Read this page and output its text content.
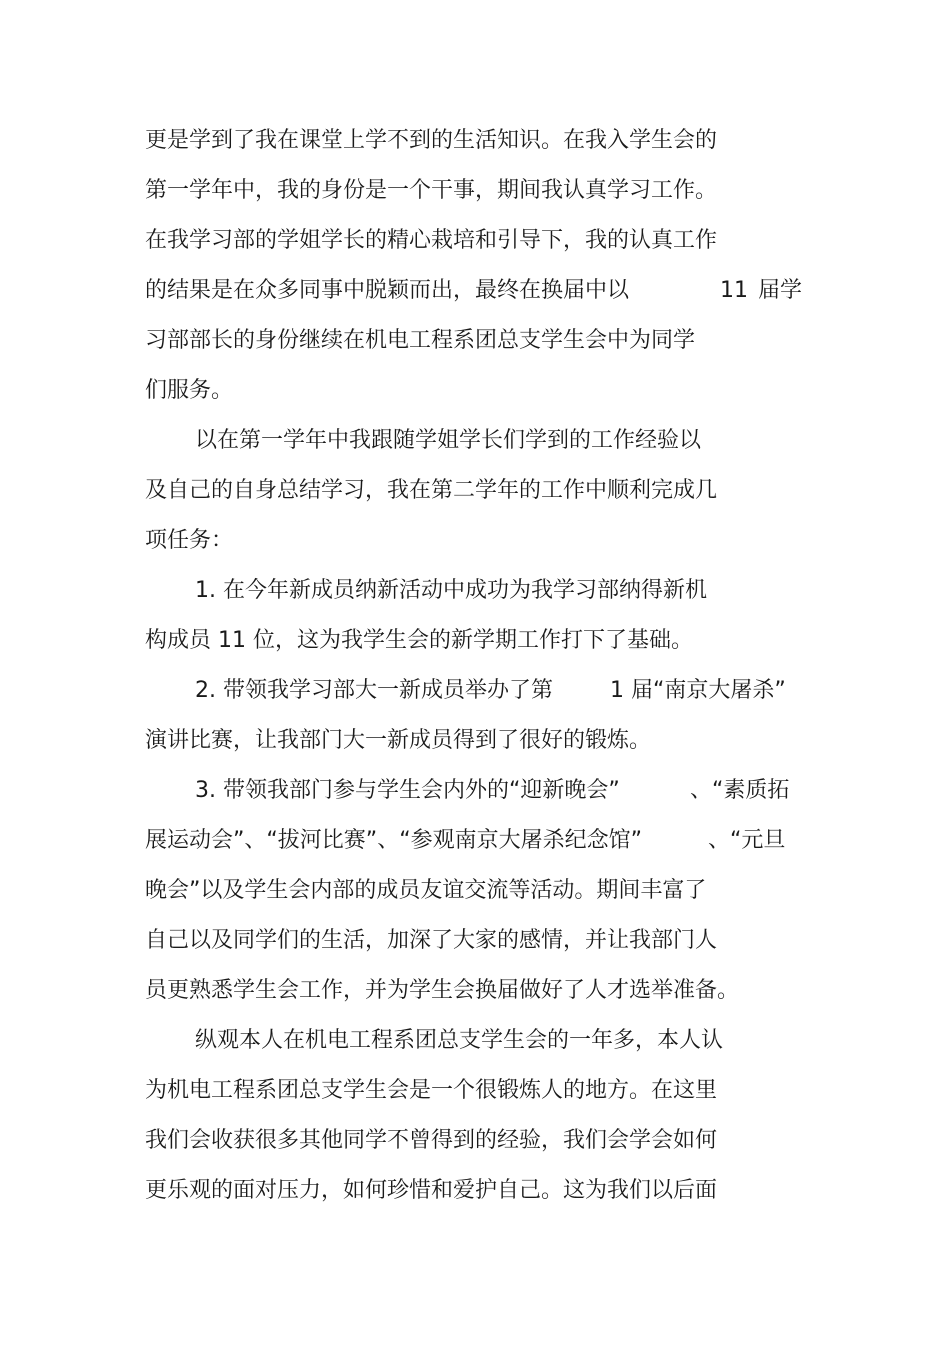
更是学到了我在课堂上学不到的生活知识。在我入学生会的
第一学年中，我的身份是一个干事，期间我认真学习工作。
在我学习部的学姐学长的精心栽培和引导下，我的认真工作
的结果是在众多同事中脱颖而出，最终在换届中以	11 届学
习部部长的身份继续在机电工程系团总支学生会中为同学
们服务。
以在第一学年中我跟随学姐学长们学到的工作经验以
及自己的自身总结学习，我在第二学年的工作中顺利完成几
项任务：
1. 在今年新成员纳新活动中成功为我学习部纳得新机
构成员 11 位，这为我学生会的新学期工作打下了基础。
2. 带领我学习部大一新成员举办了第	1 届“南京大屠杀”
演讲比赛，让我部门大一新成员得到了很好的锻炼。
3. 带领我部门参与学生会内外的“迎新晚会”	、“素质拓
展运动会”、“拔河比赛”、“参观南京大屠杀纪念馆”	、“元旦
晚会”以及学生会内部的成员友谊交流等活动。期间丰富了
自己以及同学们的生活，加深了大家的感情，并让我部门人
员更熟悉学生会工作，并为学生会换届做好了人才选举准备。
纵观本人在机电工程系团总支学生会的一年多，本人认
为机电工程系团总支学生会是一个很锻炼人的地方。在这里
我们会收获很多其他同学不曾得到的经验，我们会学会如何
更乐观的面对压力，如何珍惜和爱护自己。这为我们以后面
